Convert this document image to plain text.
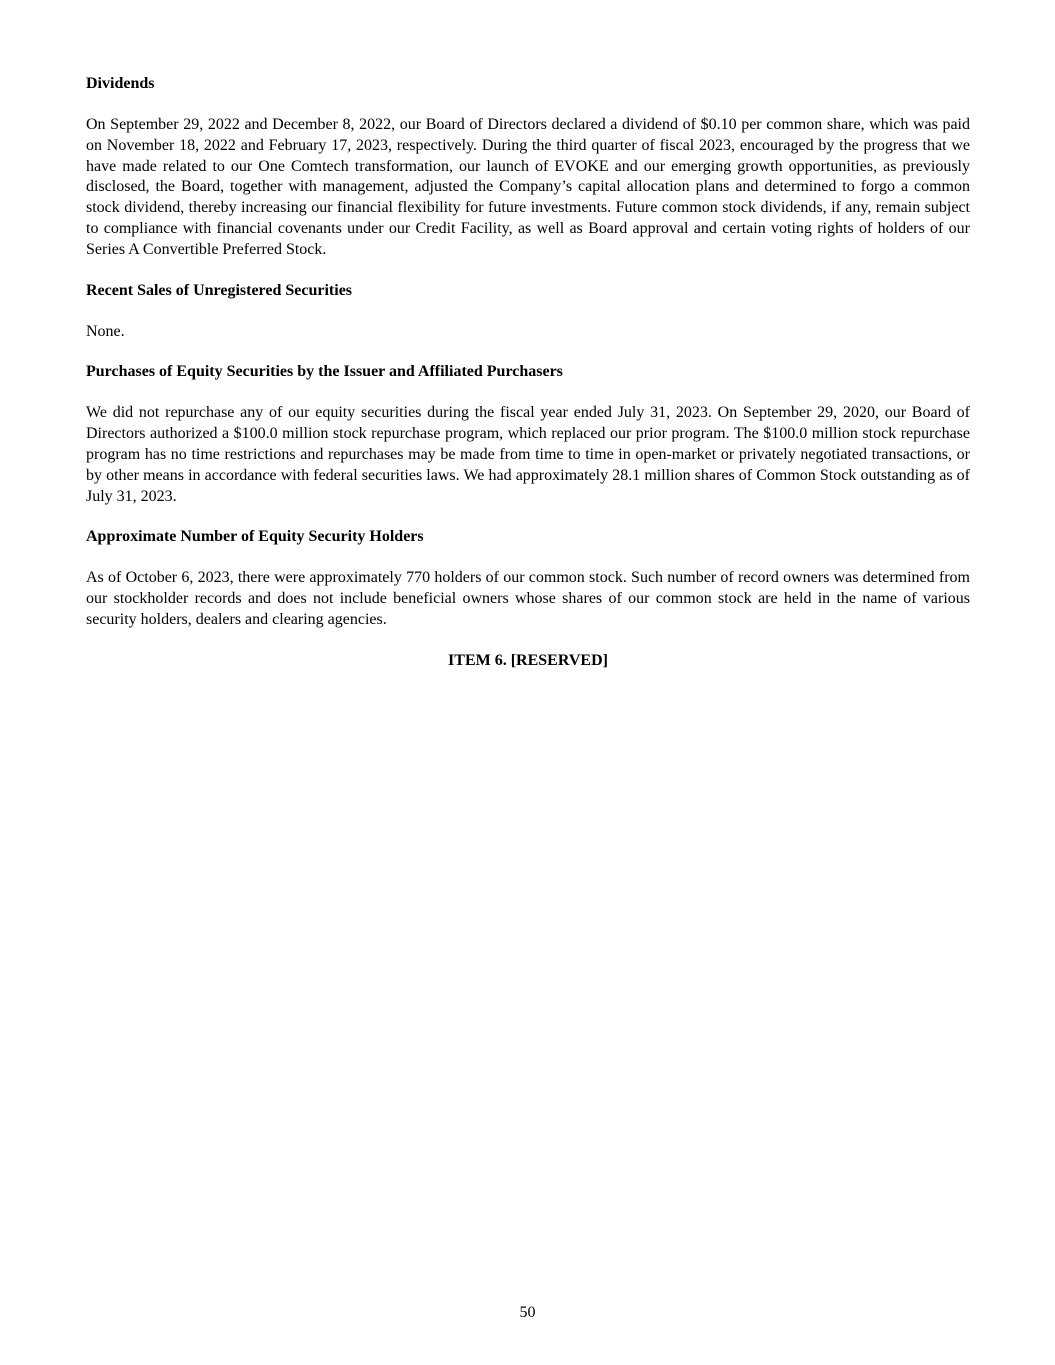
Dividends

On September 29, 2022 and December 8, 2022, our Board of Directors declared a dividend of $0.10 per common share, which was paid on November 18, 2022 and February 17, 2023, respectively. During the third quarter of fiscal 2023, encouraged by the progress that we have made related to our One Comtech transformation, our launch of EVOKE and our emerging growth opportunities, as previously disclosed, the Board, together with management, adjusted the Company’s capital allocation plans and determined to forgo a common stock dividend, thereby increasing our financial flexibility for future investments. Future common stock dividends, if any, remain subject to compliance with financial covenants under our Credit Facility, as well as Board approval and certain voting rights of holders of our Series A Convertible Preferred Stock.

Recent Sales of Unregistered Securities

None.

Purchases of Equity Securities by the Issuer and Affiliated Purchasers

We did not repurchase any of our equity securities during the fiscal year ended July 31, 2023. On September 29, 2020, our Board of Directors authorized a $100.0 million stock repurchase program, which replaced our prior program. The $100.0 million stock repurchase program has no time restrictions and repurchases may be made from time to time in open-market or privately negotiated transactions, or by other means in accordance with federal securities laws. We had approximately 28.1 million shares of Common Stock outstanding as of July 31, 2023.

Approximate Number of Equity Security Holders

As of October 6, 2023, there were approximately 770 holders of our common stock. Such number of record owners was determined from our stockholder records and does not include beneficial owners whose shares of our common stock are held in the name of various security holders, dealers and clearing agencies.

ITEM 6. [RESERVED]

50
